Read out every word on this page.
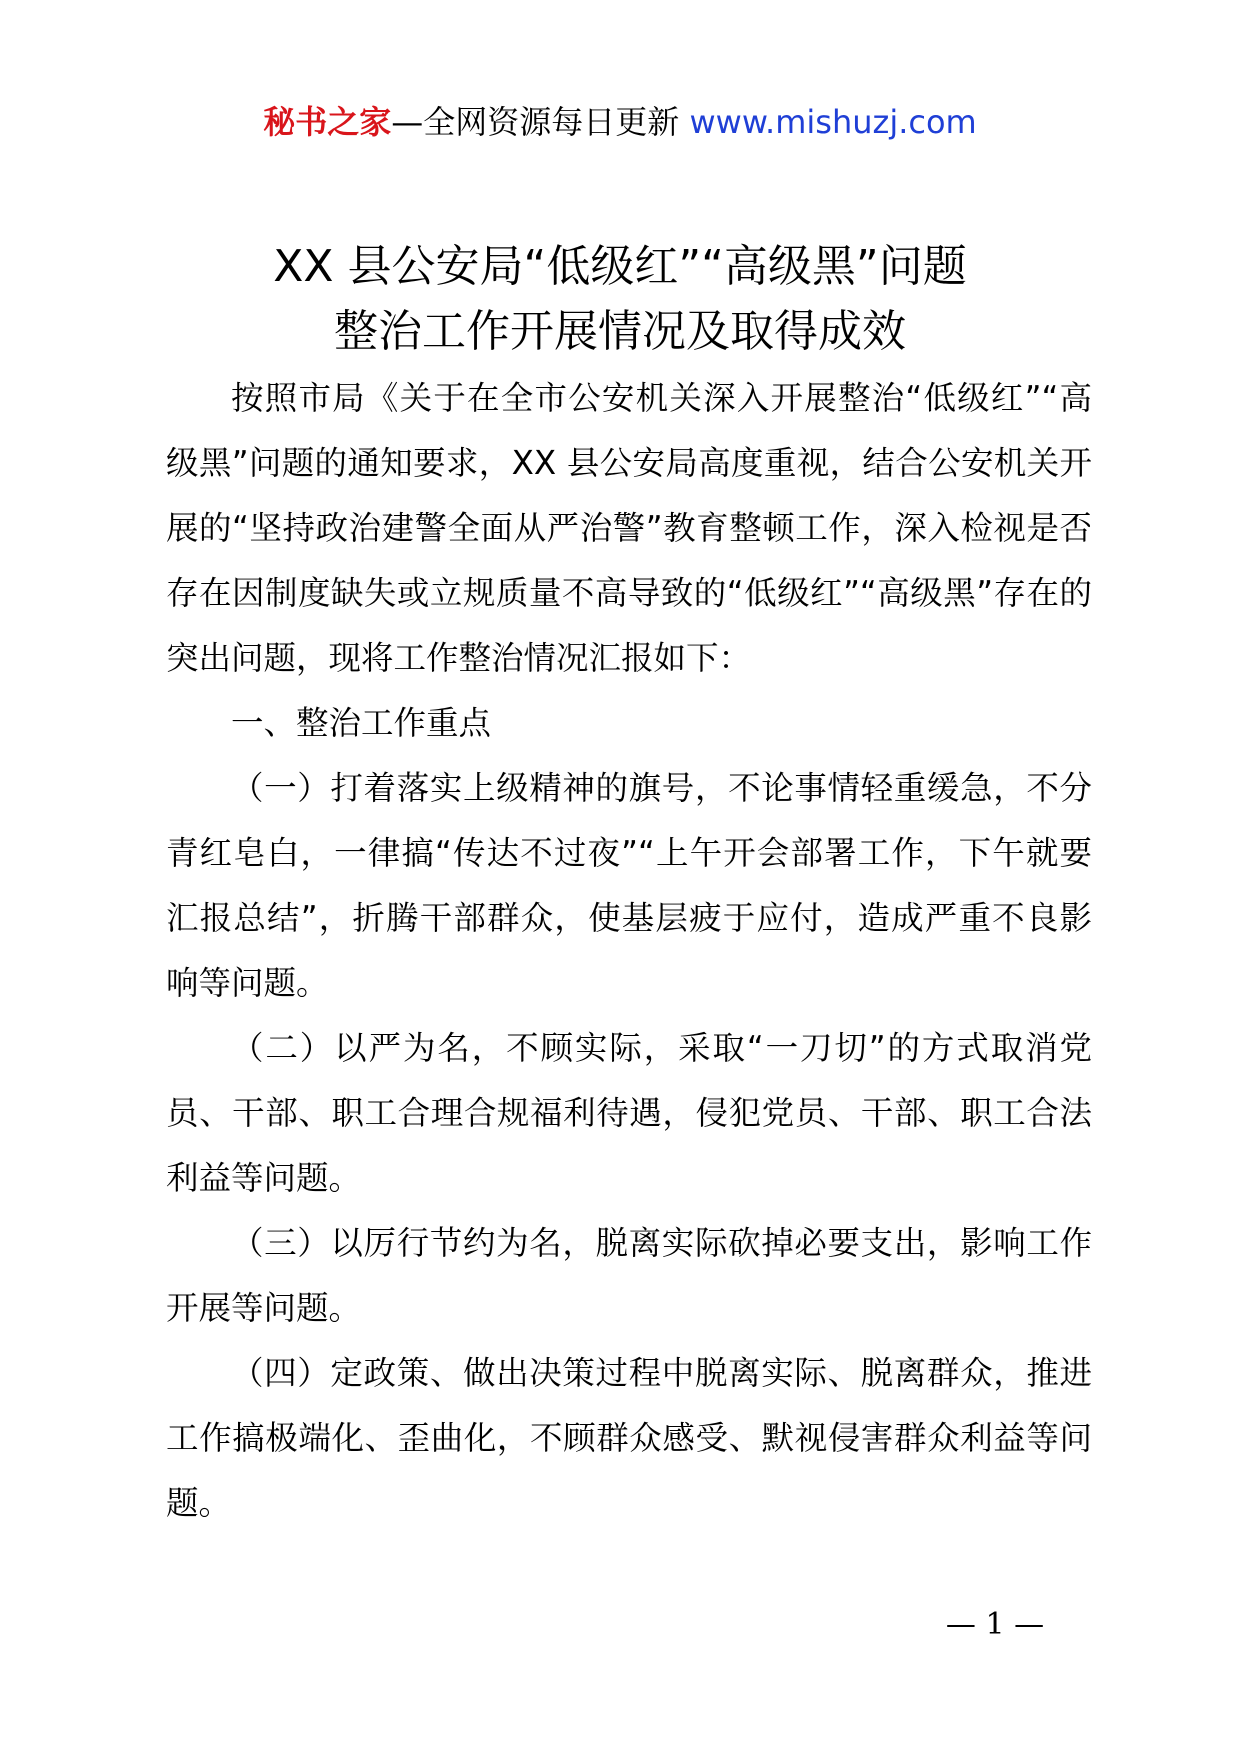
秘书之家—全网资源每日更新 www.mishuzj.com
XX 县公安局“低级红”“高级黑”问题
整治工作开展情况及取得成效

按照市局《关于在全市公安机关深入开展整治“低级红”“高级黑”问题的通知要求，XX 县公安局高度重视，结合公安机关开展的“坚持政治建警全面从严治警”教育整顿工作，深入检视是否存在因制度缺失或立规质量不高导致的“低级红”“高级黑”存在的突出问题，现将工作整治情况汇报如下：

一、整治工作重点

（一）打着落实上级精神的旗号，不论事情轻重缓急，不分青红皂白，一律搞“传达不过夜”“上午开会部署工作，下午就要汇报总结”，折腾干部群众，使基层疲于应付，造成严重不良影响等问题。

（二）以严为名，不顾实际，采取“一刀切”的方式取消党员、干部、职工合理合规福利待遇，侵犯党员、干部、职工合法利益等问题。

（三）以厉行节约为名，脱离实际砍掉必要支出，影响工作开展等问题。

（四）定政策、做出决策过程中脱离实际、脱离群众，推进工作搞极端化、歪曲化，不顾群众感受、默视侵害群众利益等问题。

— 1 —
